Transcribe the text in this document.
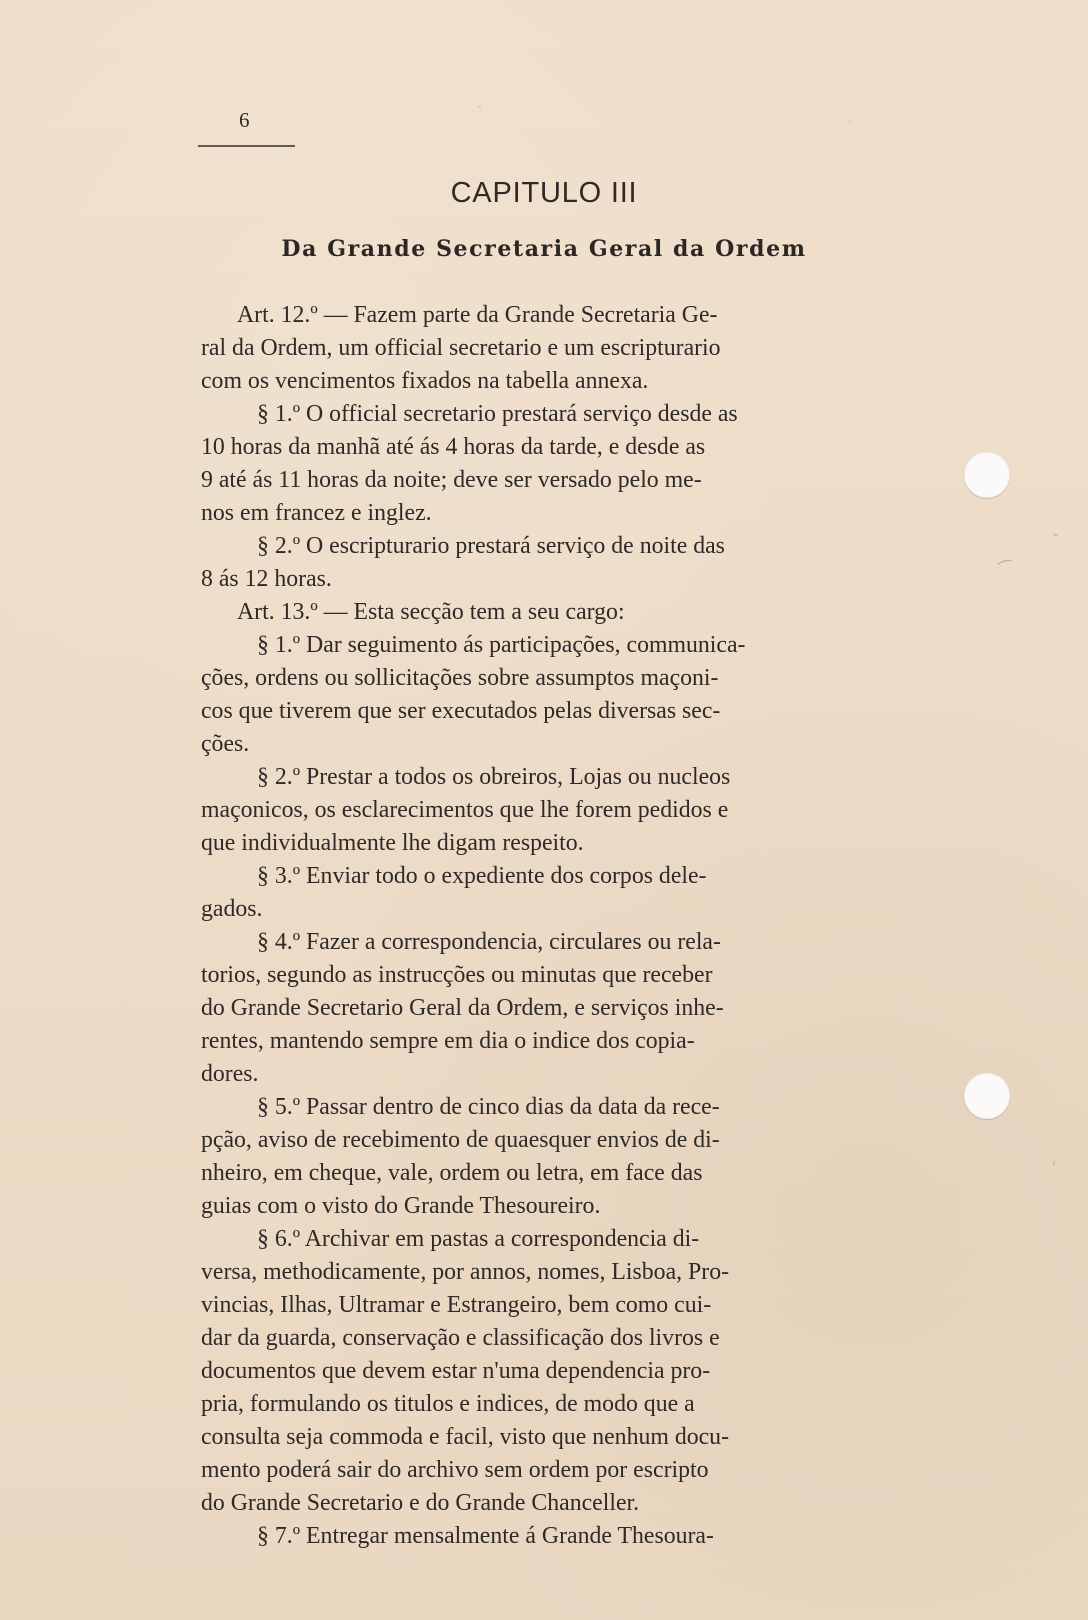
6
CAPITULO III
Da Grande Secretaria Geral da Ordem
Art. 12.º — Fazem parte da Grande Secretaria Ge-
ral da Ordem, um official secretario e um escripturario
com os vencimentos fixados na tabella annexa.
§ 1.º O official secretario prestará serviço desde as
10 horas da manhã até ás 4 horas da tarde, e desde as
9 até ás 11 horas da noite; deve ser versado pelo me-
nos em francez e inglez.
§ 2.º O escripturario prestará serviço de noite das
8 ás 12 horas.
Art. 13.º — Esta secção tem a seu cargo:
§ 1.º Dar seguimento ás participações, communica-
ções, ordens ou sollicitações sobre assumptos maçoni-
cos que tiverem que ser executados pelas diversas sec-
ções.
§ 2.º Prestar a todos os obreiros, Lojas ou nucleos
maçonicos, os esclarecimentos que lhe forem pedidos e
que individualmente lhe digam respeito.
§ 3.º Enviar todo o expediente dos corpos dele-
gados.
§ 4.º Fazer a correspondencia, circulares ou rela-
torios, segundo as instrucções ou minutas que receber
do Grande Secretario Geral da Ordem, e serviços inhe-
rentes, mantendo sempre em dia o indice dos copia-
dores.
§ 5.º Passar dentro de cinco dias da data da rece-
pção, aviso de recebimento de quaesquer envios de di-
nheiro, em cheque, vale, ordem ou letra, em face das
guias com o visto do Grande Thesoureiro.
§ 6.º Archivar em pastas a correspondencia di-
versa, methodicamente, por annos, nomes, Lisboa, Pro-
vincias, Ilhas, Ultramar e Estrangeiro, bem como cui-
dar da guarda, conservação e classificação dos livros e
documentos que devem estar n'uma dependencia pro-
pria, formulando os titulos e indices, de modo que a
consulta seja commoda e facil, visto que nenhum docu-
mento poderá sair do archivo sem ordem por escripto
do Grande Secretario e do Grande Chanceller.
§ 7.º Entregar mensalmente á Grande Thesoura-
·
·
-
⁀
'
